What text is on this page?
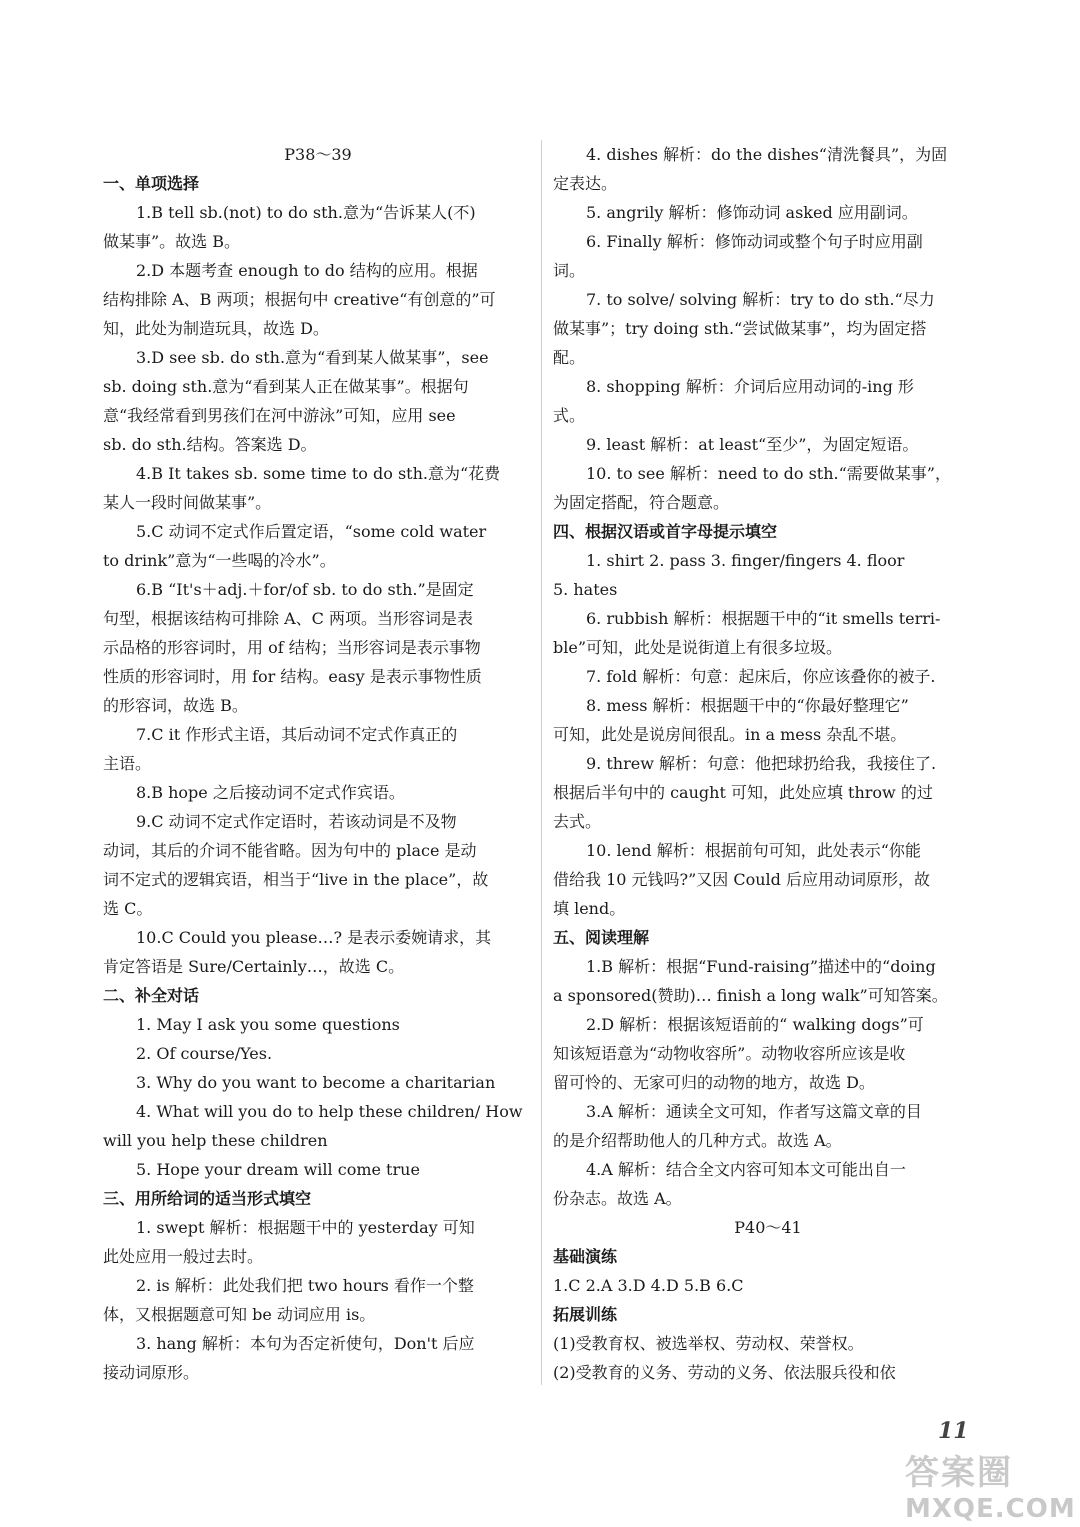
P38～39
一、单项选择
1.B tell sb.(not) to do sth.意为“告诉某人(不)
做某事”。故选 B。
2.D 本题考查 enough to do 结构的应用。根据
结构排除 A、B 两项；根据句中 creative“有创意的”可
知，此处为制造玩具，故选 D。
3.D see sb. do sth.意为“看到某人做某事”，see
sb. doing sth.意为“看到某人正在做某事”。根据句
意“我经常看到男孩们在河中游泳”可知，应用 see
sb. do sth.结构。答案选 D。
4.B It takes sb. some time to do sth.意为“花费
某人一段时间做某事”。
5.C 动词不定式作后置定语，“some cold water
to drink”意为“一些喝的冷水”。
6.B “It's＋adj.＋for/of sb. to do sth.”是固定
句型，根据该结构可排除 A、C 两项。当形容词是表
示品格的形容词时，用 of 结构；当形容词是表示事物
性质的形容词时，用 for 结构。easy 是表示事物性质
的形容词，故选 B。
7.C it 作形式主语，其后动词不定式作真正的
主语。
8.B hope 之后接动词不定式作宾语。
9.C 动词不定式作定语时，若该动词是不及物
动词，其后的介词不能省略。因为句中的 place 是动
词不定式的逻辑宾语，相当于“live in the place”，故
选 C。
10.C Could you please…? 是表示委婉请求，其
肯定答语是 Sure/Certainly…，故选 C。
二、补全对话
1. May I ask you some questions
2. Of course/Yes.
3. Why do you want to become a charitarian
4. What will you do to help these children/ How
will you help these children
5. Hope your dream will come true
三、用所给词的适当形式填空
1. swept 解析：根据题干中的 yesterday 可知
此处应用一般过去时。
2. is 解析：此处我们把 two hours 看作一个整
体，又根据题意可知 be 动词应用 is。
3. hang 解析：本句为否定祈使句，Don't 后应
接动词原形。
4. dishes 解析：do the dishes“清洗餐具”，为固
定表达。
5. angrily 解析：修饰动词 asked 应用副词。
6. Finally 解析：修饰动词或整个句子时应用副
词。
7. to solve/ solving 解析：try to do sth.“尽力
做某事”；try doing sth.“尝试做某事”，均为固定搭
配。
8. shopping 解析：介词后应用动词的-ing 形
式。
9. least 解析：at least“至少”，为固定短语。
10. to see 解析：need to do sth.“需要做某事”，
为固定搭配，符合题意。
四、根据汉语或首字母提示填空
1. shirt 2. pass 3. finger/fingers 4. floor
5. hates
6. rubbish 解析：根据题干中的“it smells terri-
ble”可知，此处是说街道上有很多垃圾。
7. fold 解析：句意：起床后，你应该叠你的被子.
8. mess 解析：根据题干中的“你最好整理它”
可知，此处是说房间很乱。in a mess 杂乱不堪。
9. threw 解析：句意：他把球扔给我，我接住了.
根据后半句中的 caught 可知，此处应填 throw 的过
去式。
10. lend 解析：根据前句可知，此处表示“你能
借给我 10 元钱吗?”又因 Could 后应用动词原形，故
填 lend。
五、阅读理解
1.B 解析：根据“Fund-raising”描述中的“doing
a sponsored(赞助)… finish a long walk”可知答案。
2.D 解析：根据该短语前的“ walking dogs”可
知该短语意为“动物收容所”。动物收容所应该是收
留可怜的、无家可归的动物的地方，故选 D。
3.A 解析：通读全文可知，作者写这篇文章的目
的是介绍帮助他人的几种方式。故选 A。
4.A 解析：结合全文内容可知本文可能出自一
份杂志。故选 A。
P40～41
基础演练
1.C 2.A 3.D 4.D 5.B 6.C
拓展训练
(1)受教育权、被选举权、劳动权、荣誉权。
(2)受教育的义务、劳动的义务、依法服兵役和依
11
答案圈
MXQE.COM
